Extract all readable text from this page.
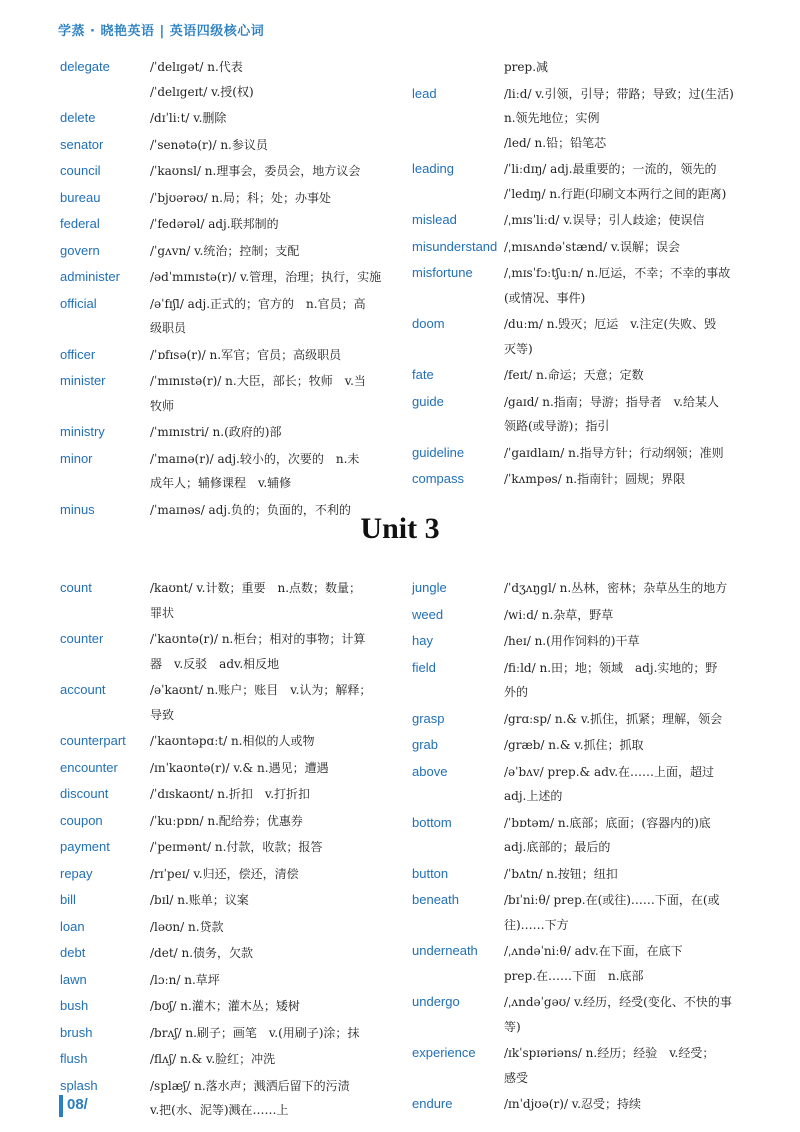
学蒸 · 晓艳英语 | 英语四级核心词
delegate	/ˈdelɪgət/ n.代表
/ˈdelɪgeɪt/ v.授(权)
delete	/dɪˈliːt/ v.删除
senator	/ˈsenətə(r)/ n.参议员
council	/ˈkaʊnsl/ n.理事会，委员会，地方议会
bureau	/ˈbjʊərəʊ/ n.局；科；处；办事处
federal	/ˈfedərəl/ adj.联邦制的
govern	/ˈgʌvn/ v.统治；控制；支配
administer	/ədˈmɪnɪstə(r)/ v.管理，治理；执行，实施
official	/əˈfɪʃl/ adj.正式的；官方的　n.官员；高
级职员
officer	/ˈɒfɪsə(r)/ n.军官；官员；高级职员
minister	/ˈmɪnɪstə(r)/ n.大臣，部长；牧师　v.当
牧师
ministry	/ˈmɪnɪstri/ n.(政府的)部
minor	/ˈmaɪnə(r)/ adj.较小的，次要的　n.未
成年人；辅修课程　v.辅修
minus	/ˈmaɪnəs/ adj.负的；负面的，不利的
prep.减
lead	/liːd/ v.引领，引导；带路；导致；过(生活)
n.领先地位；实例
/led/ n.铅；铅笔芯
leading	/ˈliːdɪŋ/ adj.最重要的；一流的，领先的
/ˈledɪŋ/ n.行距(印刷文本两行之间的距离)
mislead	/ˌmɪsˈliːd/ v.误导；引人歧途；使误信
misunderstand /ˌmɪsʌndəˈstænd/ v.误解；误会
misfortune	/ˌmɪsˈfɔːtʃuːn/ n.厄运，不幸；不幸的事故
(或情况、事件)
doom	/duːm/ n.毁灭；厄运　v.注定(失败、毁
灭等)
fate	/feɪt/ n.命运；天意；定数
guide	/gaɪd/ n.指南；导游；指导者　v.给某人
领路(或导游)；指引
guideline	/ˈgaɪdlaɪn/ n.指导方针；行动纲领；准则
compass	/ˈkʌmpəs/ n.指南针；圆规；界限
Unit 3
count	/kaʊnt/ v.计数；重要　n.点数；数量；
罪状
counter	/ˈkaʊntə(r)/ n.柜台；相对的事物；计算
器　v.反驳　adv.相反地
account	/əˈkaʊnt/ n.账户；账目　v.认为；解释；
导致
counterpart	/ˈkaʊntəpɑːt/ n.相似的人或物
encounter	/ɪnˈkaʊntə(r)/ v.& n.遇见；遭遇
discount	/ˈdɪskaʊnt/ n.折扣　v.打折扣
coupon	/ˈkuːpɒn/ n.配给券；优惠券
payment	/ˈpeɪmənt/ n.付款，收款；报答
repay	/rɪˈpeɪ/ v.归还，偿还，清偿
bill	/bɪl/ n.账单；议案
loan	/ləʊn/ n.贷款
debt	/det/ n.债务，欠款
lawn	/lɔːn/ n.草坪
bush	/bʊʃ/ n.灌木；灌木丛；矮树
brush	/brʌʃ/ n.刷子；画笔　v.(用刷子)涂；抹
flush	/flʌʃ/ n.& v.脸红；冲洗
splash	/splæʃ/ n.落水声；溅洒后留下的污渍
v.把(水、泥等)溅在……上
jungle	/ˈdʒʌŋgl/ n.丛林，密林；杂草丛生的地方
weed	/wiːd/ n.杂草，野草
hay	/heɪ/ n.(用作饲料的)干草
field	/fiːld/ n.田；地；领域　adj.实地的；野
外的
grasp	/grɑːsp/ n.& v.抓住，抓紧；理解，领会
grab	/græb/ n.& v.抓住；抓取
above	/əˈbʌv/ prep.& adv.在……上面，超过
adj.上述的
bottom	/ˈbɒtəm/ n.底部；底面；(容器内的)底
adj.底部的；最后的
button	/ˈbʌtn/ n.按钮；纽扣
beneath	/bɪˈniːθ/ prep.在(或往)……下面，在(或
往)……下方
underneath	/ˌʌndəˈniːθ/ adv.在下面，在底下
prep.在……下面　n.底部
undergo	/ˌʌndəˈgəʊ/ v.经历，经受(变化、不快的事
等)
experience	/ɪkˈspɪəriəns/ n.经历；经验　v.经受；
感受
endure	/ɪnˈdjʊə(r)/ v.忍受；持续
08/
